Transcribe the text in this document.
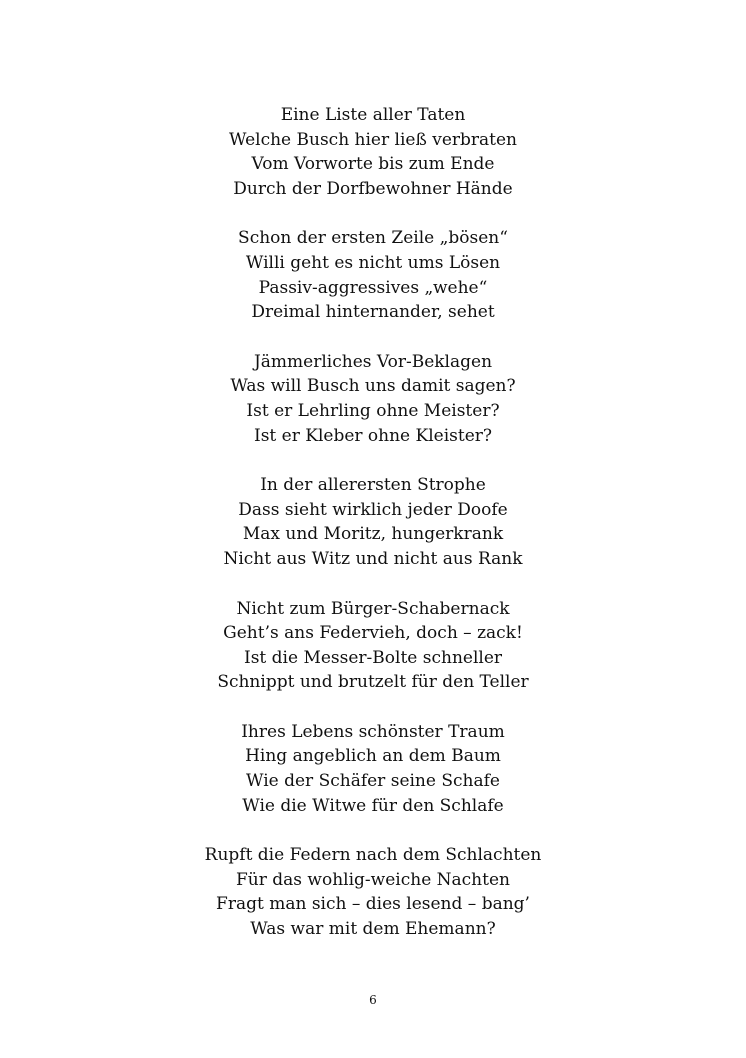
Eine Liste aller Taten
Welche Busch hier ließ verbraten
Vom Vorworte bis zum Ende
Durch der Dorfbewohner Hände
Schon der ersten Zeile „bösen“
Willi geht es nicht ums Lösen
Passiv-aggressives „wehe“
Dreimal hinternander, sehet
Jämmerliches Vor-Beklagen
Was will Busch uns damit sagen?
Ist er Lehrling ohne Meister?
Ist er Kleber ohne Kleister?
In der allerersten Strophe
Dass sieht wirklich jeder Doofe
Max und Moritz, hungerkrank
Nicht aus Witz und nicht aus Rank
Nicht zum Bürger-Schabernack
Geht’s ans Federvieh, doch – zack!
Ist die Messer-Bolte schneller
Schnippt und brutzelt für den Teller
Ihres Lebens schönster Traum
Hing angeblich an dem Baum
Wie der Schäfer seine Schafe
Wie die Witwe für den Schlafe
Rupft die Federn nach dem Schlachten
Für das wohlig-weiche Nachten
Fragt man sich – dies lesend – bang’
Was war mit dem Ehemann?
6
